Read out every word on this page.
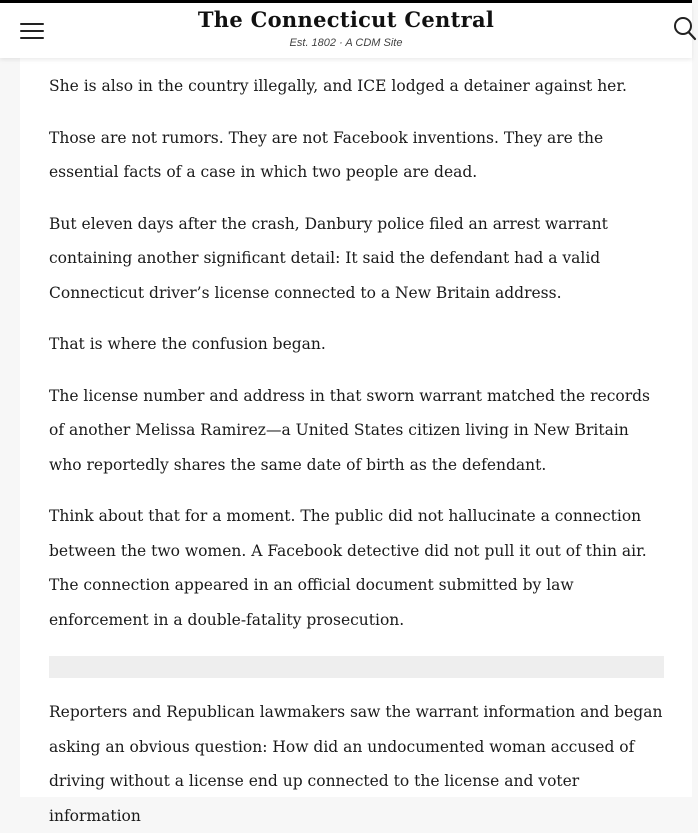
The Connecticut Central
Est. 1802 · A CDM Site

She is also in the country illegally, and ICE lodged a detainer against her.

Those are not rumors. They are not Facebook inventions. They are the essential facts of a case in which two people are dead.

But eleven days after the crash, Danbury police filed an arrest warrant containing another significant detail: It said the defendant had a valid Connecticut driver’s license connected to a New Britain address.

That is where the confusion began.

The license number and address in that sworn warrant matched the records of another Melissa Ramirez—a United States citizen living in New Britain who reportedly shares the same date of birth as the defendant.

Think about that for a moment. The public did not hallucinate a connection between the two women. A Facebook detective did not pull it out of thin air. The connection appeared in an official document submitted by law enforcement in a double-fatality prosecution.

Reporters and Republican lawmakers saw the warrant information and began asking an obvious question: How did an undocumented woman accused of driving without a license end up connected to the license and voter information
